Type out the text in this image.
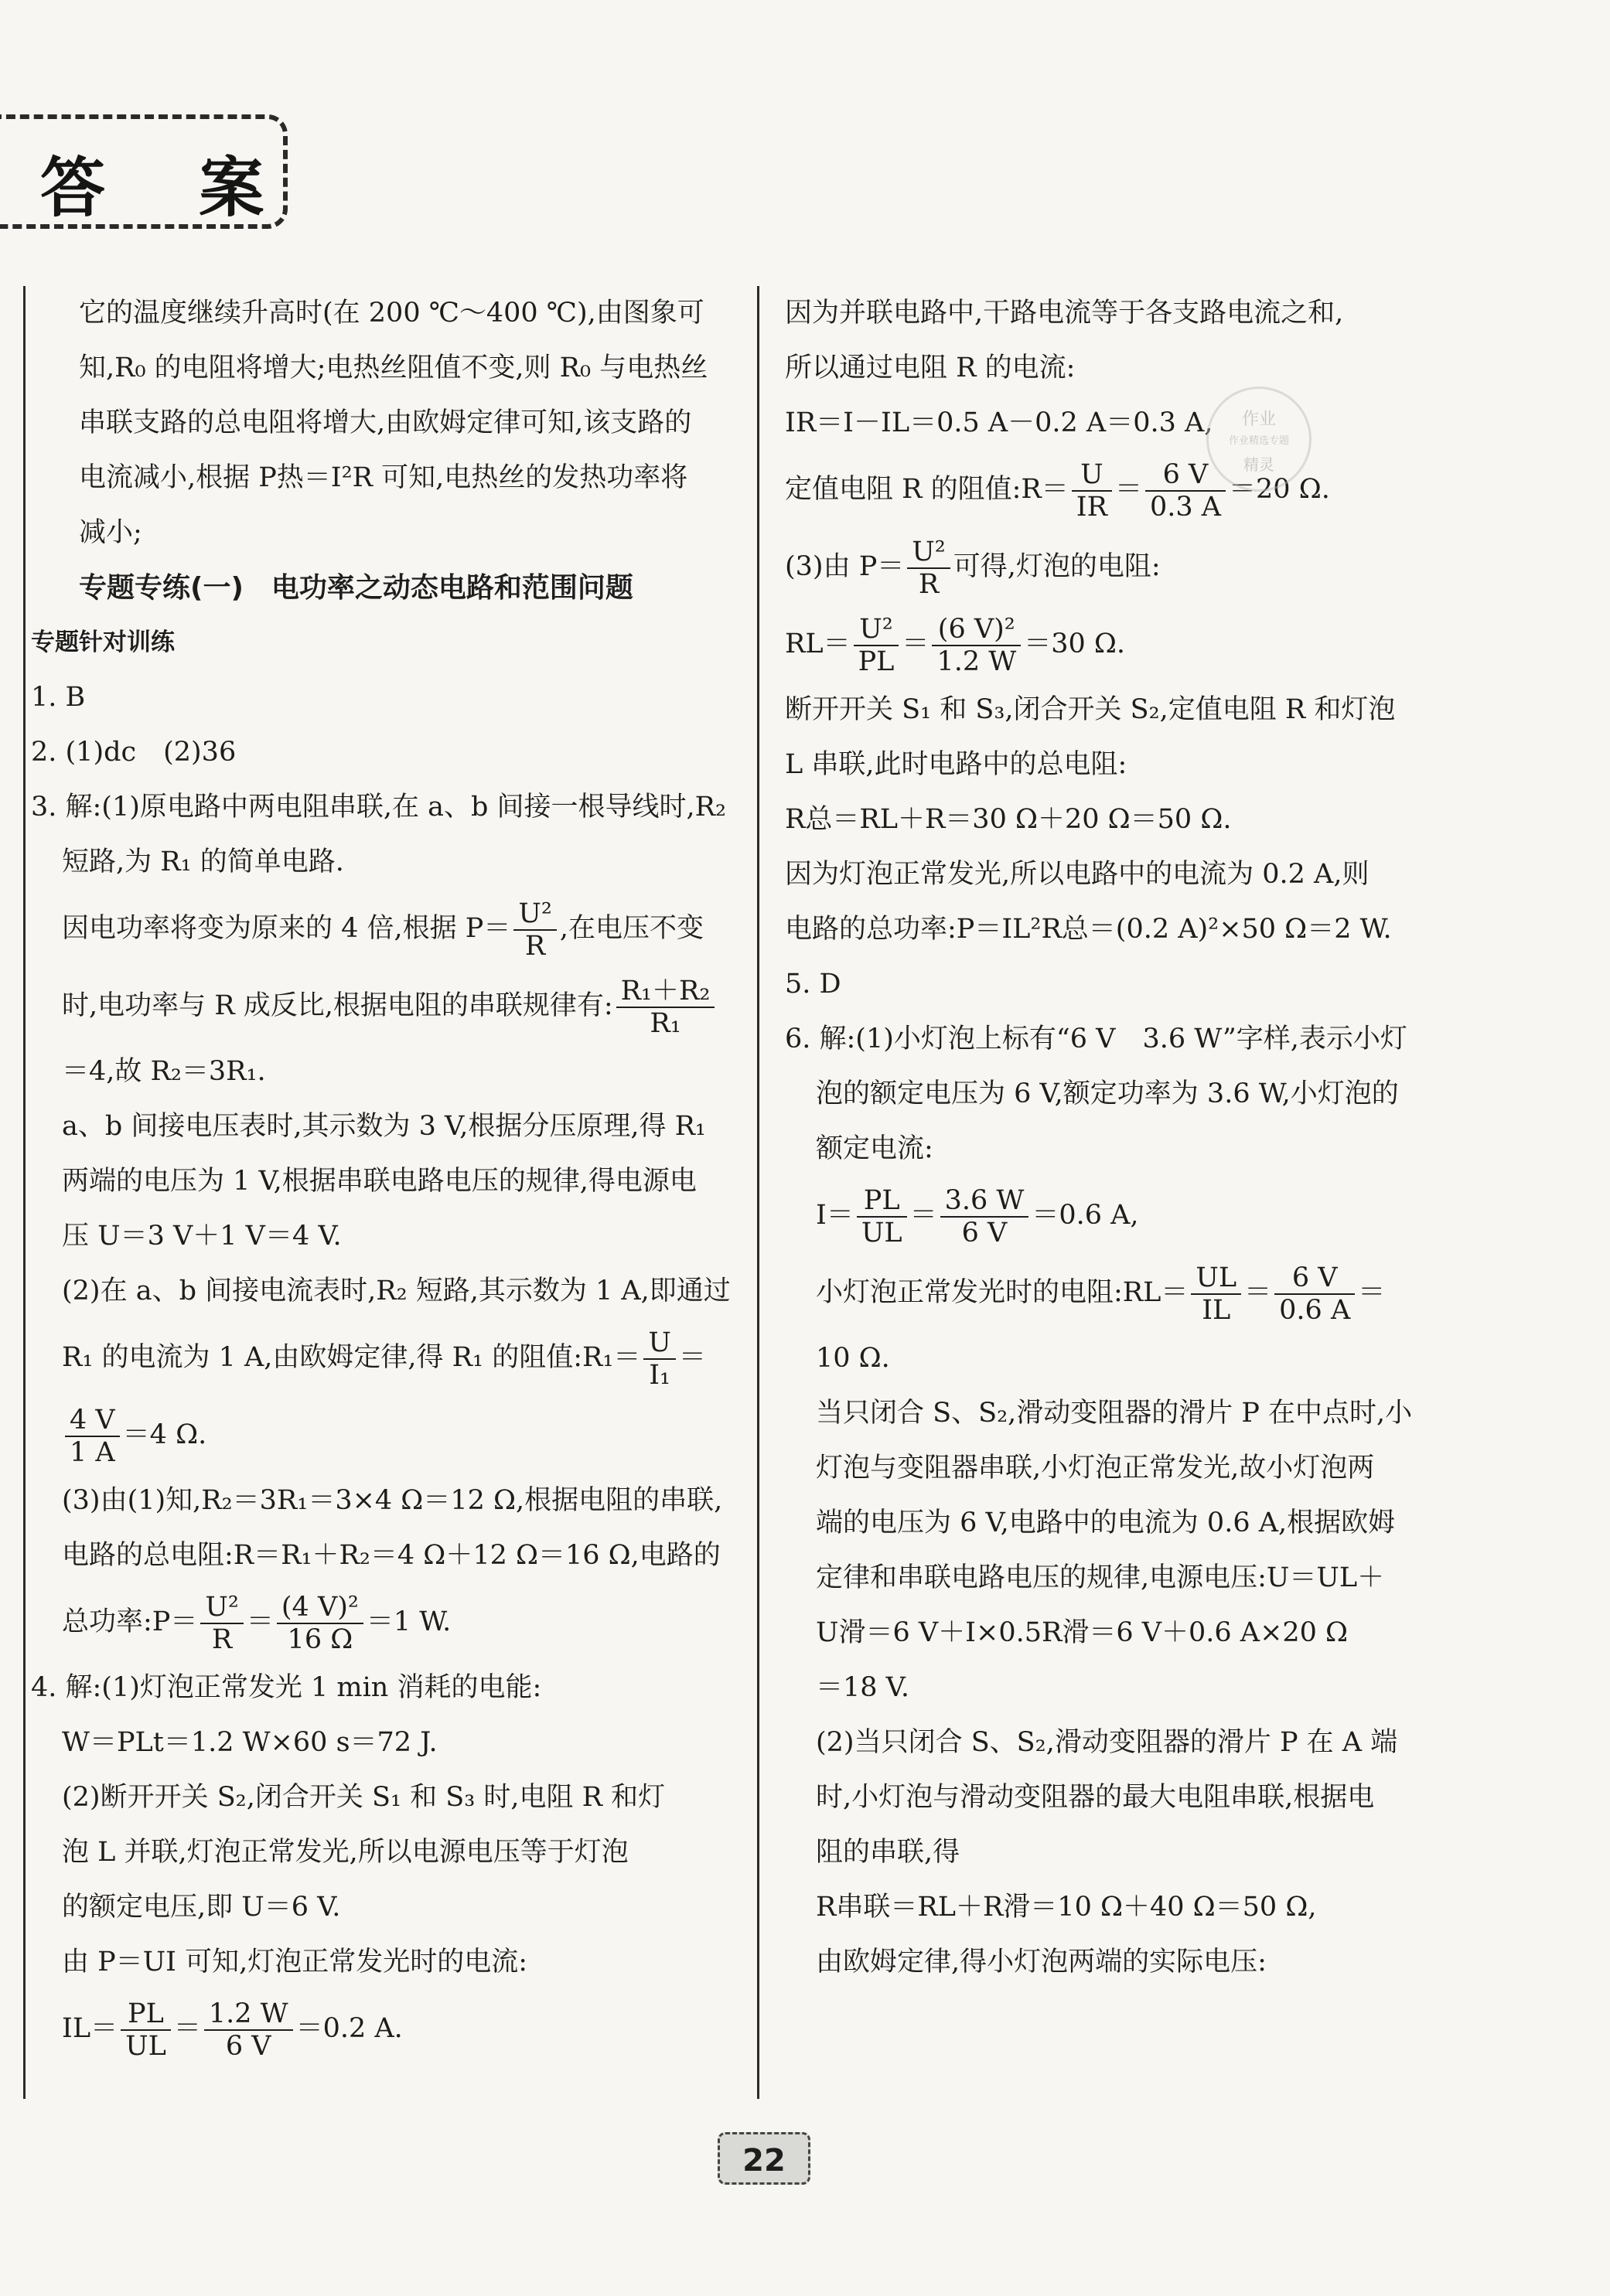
答 案
它的温度继续升高时(在 200 ℃～400 ℃),由图象可
知,R₀ 的电阻将增大;电热丝阻值不变,则 R₀ 与电热丝
串联支路的总电阻将增大,由欧姆定律可知,该支路的
电流减小,根据 P热＝I²R 可知,电热丝的发热功率将
减小;
专题专练(一)　电功率之动态电路和范围问题
专题针对训练
1. B
2. (1)dc　(2)36
3. 解:(1)原电路中两电阻串联,在 a、b 间接一根导线时,R₂
短路,为 R₁ 的简单电路.
因电功率将变为原来的 4 倍,根据 $P= \frac{\text{U²}}{R}$ ,在电压不变
时,电功率与 R 成反比,根据电阻的串联规律有: $\frac{\text{R₁＋R₂}}{\text{R₁}}$
＝4,故 R₂＝3R₁.
a、b 间接电压表时,其示数为 3 V,根据分压原理,得 R₁
两端的电压为 1 V,根据串联电路电压的规律,得电源电
压 U＝3 V＋1 V＝4 V.
(2)在 a、b 间接电流表时,R₂ 短路,其示数为 1 A,即通过
R₁ 的电流为 1 A,由欧姆定律,得 R₁ 的阻值:R₁＝ $\frac{U}{\text{I₁}}$ ＝
$\frac{4 V}{1 A} =4$ Ω.
(3)由(1)知,R₂＝3R₁＝3×4 Ω＝12 Ω,根据电阻的串联,
电路的总电阻:R＝R₁＋R₂＝4 Ω＋12 Ω＝16 Ω,电路的
总功率:P＝ $\frac{\text{U²}}{R} = \frac{\text{(4 V)²}}{16 \Omega} =1$ W.
4. 解:(1)灯泡正常发光 1 min 消耗的电能:
W＝PLt＝1.2 W×60 s＝72 J.
(2)断开开关 S₂,闭合开关 S₁ 和 S₃ 时,电阻 R 和灯
泡 L 并联,灯泡正常发光,所以电源电压等于灯泡
的额定电压,即 U＝6 V.
由 P＝UI 可知,灯泡正常发光时的电流:
$IL= \frac{PL}{UL} = \frac{1.2 W}{6 V} =0.2$ A.
因为并联电路中,干路电流等于各支路电流之和,
所以通过电阻 R 的电流:
IR＝I－IL＝0.5 A－0.2 A＝0.3 A,
定值电阻 R 的阻值:R＝ $\frac{U}{IR} = \frac{6 V}{0.3 A} =20$ Ω.
(3)由 $P= \frac{\text{U²}}{R}$ 可得,灯泡的电阻:
$RL= \frac{\text{U²}}{PL} = \frac{\text{(6 V)²}}{1.2 W} =30$ Ω.
断开开关 S₁ 和 S₃,闭合开关 S₂,定值电阻 R 和灯泡
L 串联,此时电路中的总电阻:
R总＝RL＋R＝30 Ω＋20 Ω＝50 Ω.
因为灯泡正常发光,所以电路中的电流为 0.2 A,则
电路的总功率:P＝IL²R总＝(0.2 A)²×50 Ω＝2 W.
5. D
6. 解:(1)小灯泡上标有“6 V　3.6 W”字样,表示小灯
泡的额定电压为 6 V,额定功率为 3.6 W,小灯泡的
额定电流:
$I= \frac{PL}{UL} = \frac{3.6 W}{6 V} =0.6$ A,
小灯泡正常发光时的电阻:RL＝ $\frac{UL}{IL} = \frac{6 V}{0.6 A}$ ＝
10 Ω.
当只闭合 S、S₂,滑动变阻器的滑片 P 在中点时,小
灯泡与变阻器串联,小灯泡正常发光,故小灯泡两
端的电压为 6 V,电路中的电流为 0.6 A,根据欧姆
定律和串联电路电压的规律,电源电压:U＝UL＋
U滑＝6 V＋I×0.5R滑＝6 V＋0.6 A×20 Ω
＝18 V.
(2)当只闭合 S、S₂,滑动变阻器的滑片 P 在 A 端
时,小灯泡与滑动变阻器的最大电阻串联,根据电
阻的串联,得
R串联＝RL＋R滑＝10 Ω＋40 Ω＝50 Ω,
由欧姆定律,得小灯泡两端的实际电压:
作业
作业精选专题
精灵
22
